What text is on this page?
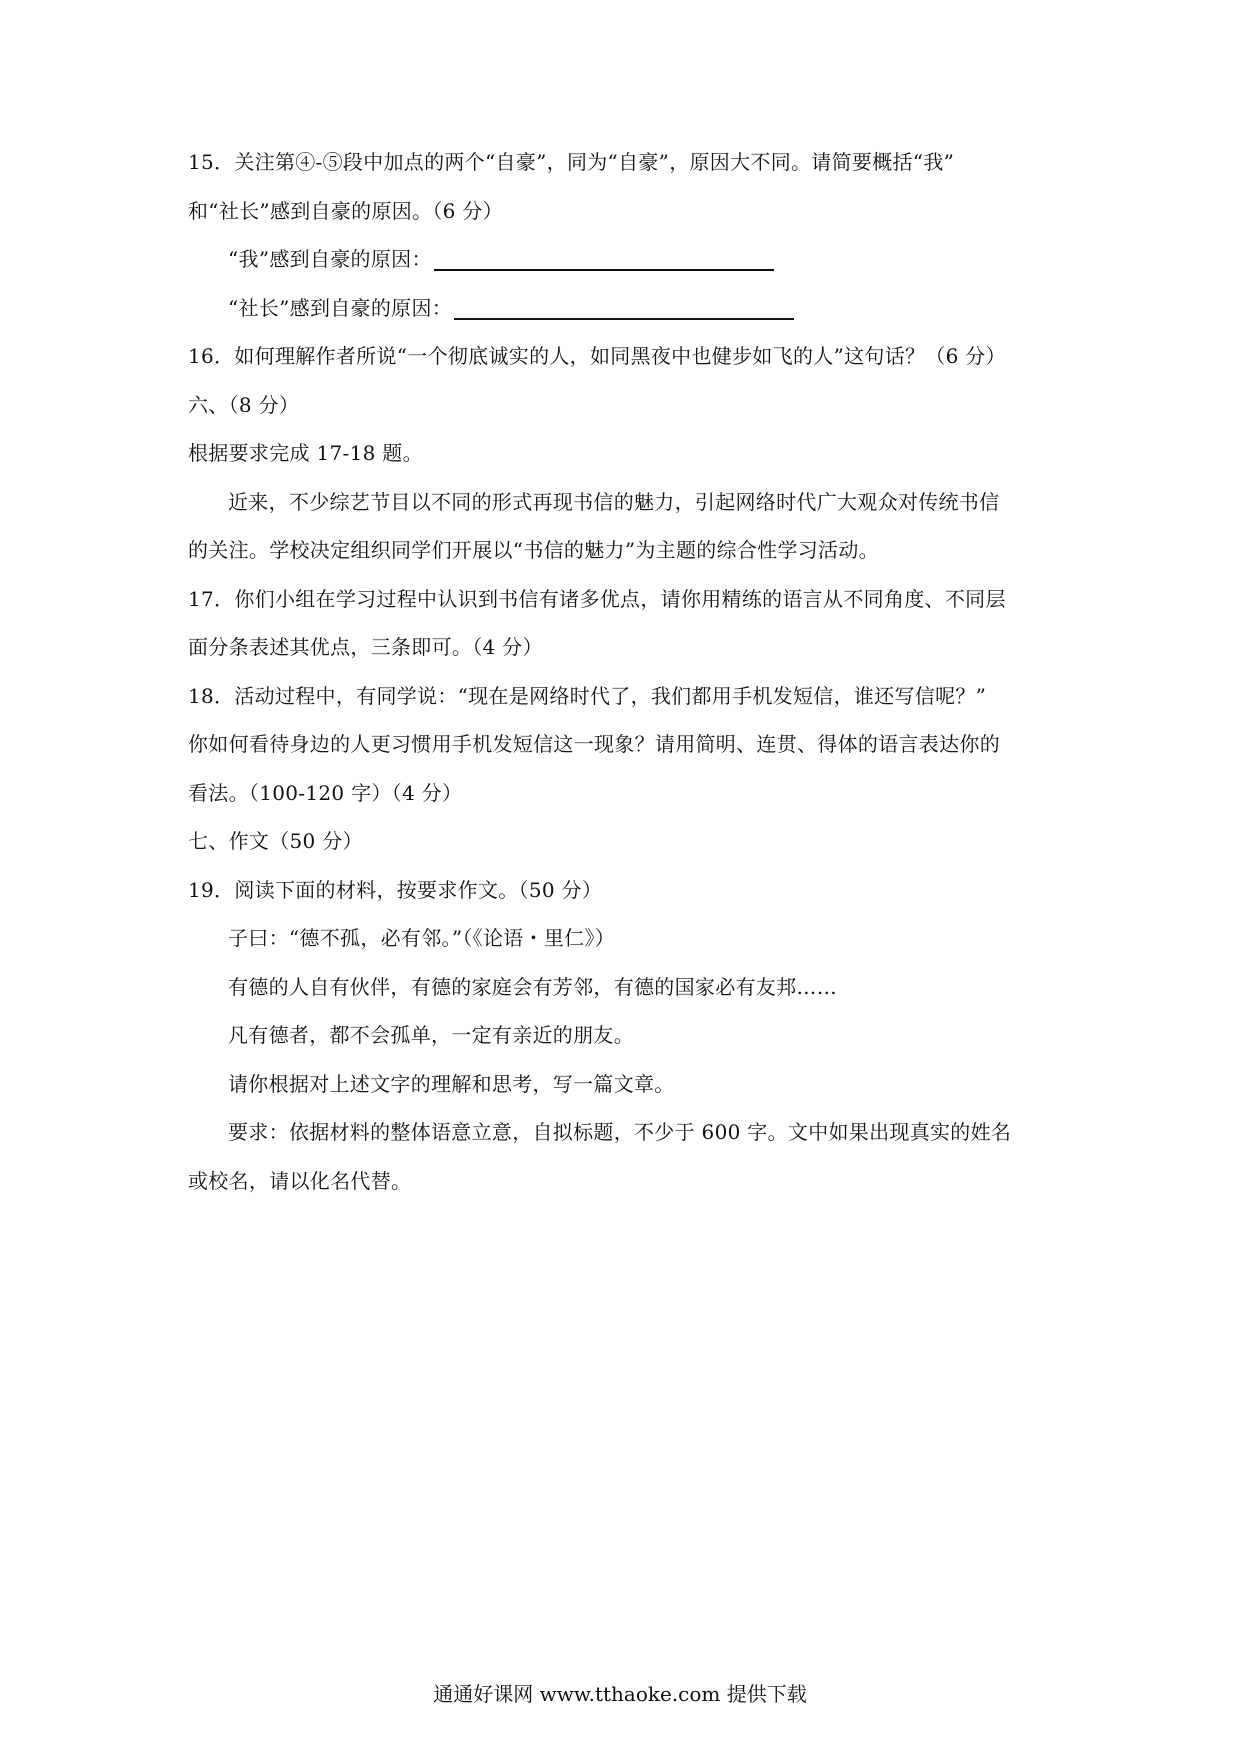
15．关注第④-⑤段中加点的两个“自豪”，同为“自豪”，原因大不同。请简要概括“我”
和“社长”感到自豪的原因。（6 分）
“我”感到自豪的原因：
“社长”感到自豪的原因：
16．如何理解作者所说“一个彻底诚实的人，如同黑夜中也健步如飞的人”这句话？（6 分）
六、（8 分）
根据要求完成 17-18 题。
近来，不少综艺节目以不同的形式再现书信的魅力，引起网络时代广大观众对传统书信
的关注。学校决定组织同学们开展以“书信的魅力”为主题的综合性学习活动。
17．你们小组在学习过程中认识到书信有诸多优点，请你用精练的语言从不同角度、不同层
面分条表述其优点，三条即可。（4 分）
18．活动过程中，有同学说：“现在是网络时代了，我们都用手机发短信，谁还写信呢？”
你如何看待身边的人更习惯用手机发短信这一现象？请用简明、连贯、得体的语言表达你的
看法。（100-120 字）（4 分）
七、作文（50 分）
19．阅读下面的材料，按要求作文。（50 分）
子曰：“德不孤，必有邻。”（《论语・里仁》）
有德的人自有伙伴，有德的家庭会有芳邻，有德的国家必有友邦……
凡有德者，都不会孤单，一定有亲近的朋友。
请你根据对上述文字的理解和思考，写一篇文章。
要求：依据材料的整体语意立意，自拟标题，不少于 600 字。文中如果出现真实的姓名
或校名，请以化名代替。
通通好课网 www.tthaoke.com 提供下载
